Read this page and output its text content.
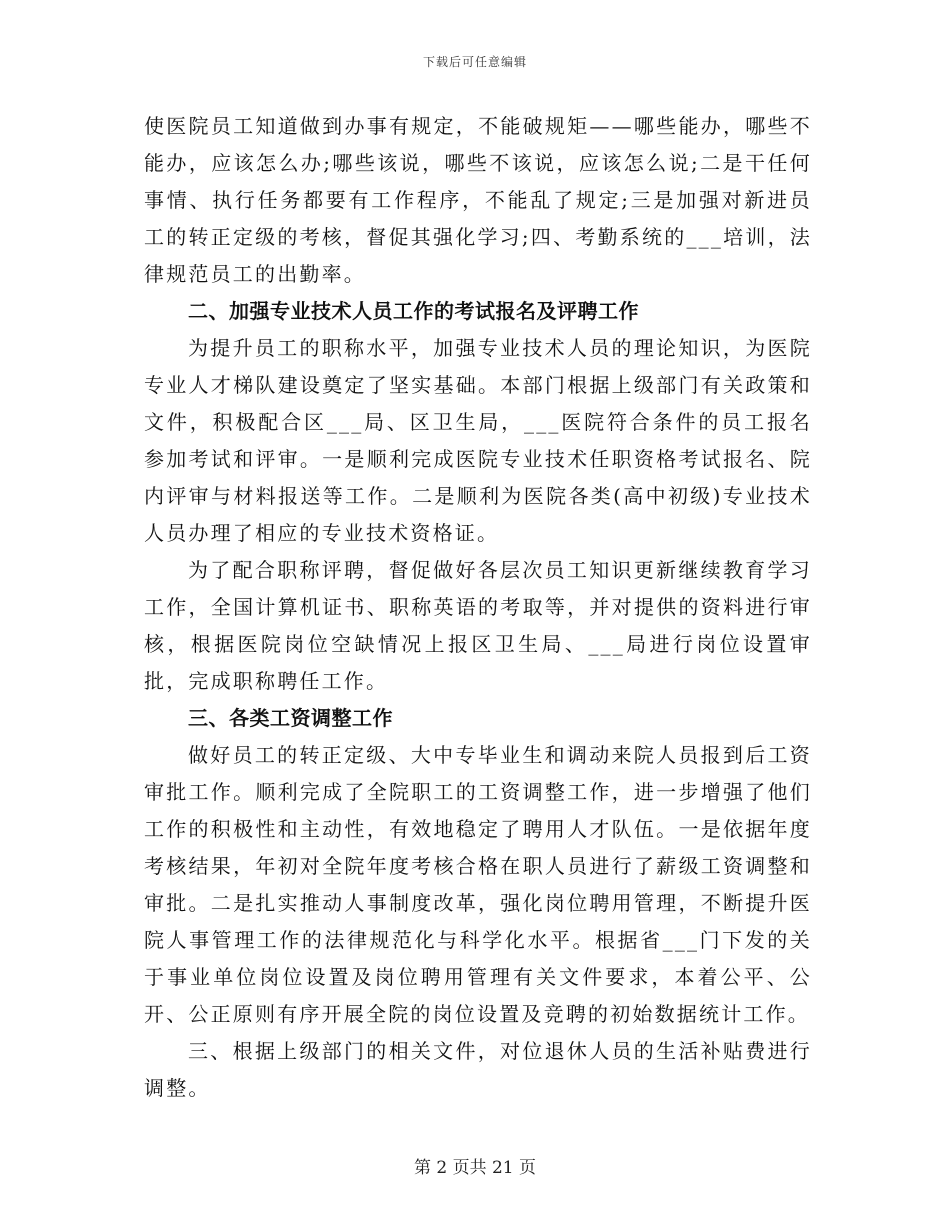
下载后可任意编辑

使医院员工知道做到办事有规定，不能破规矩——哪些能办，哪些不能办，应该怎么办;哪些该说，哪些不该说，应该怎么说;二是干任何事情、执行任务都要有工作程序，不能乱了规定;三是加强对新进员工的转正定级的考核，督促其强化学习;四、考勤系统的___培训，法律规范员工的出勤率。

二、加强专业技术人员工作的考试报名及评聘工作

为提升员工的职称水平，加强专业技术人员的理论知识，为医院专业人才梯队建设奠定了坚实基础。本部门根据上级部门有关政策和文件，积极配合区___局、区卫生局，___医院符合条件的员工报名参加考试和评审。一是顺利完成医院专业技术任职资格考试报名、院内评审与材料报送等工作。二是顺利为医院各类(高中初级)专业技术人员办理了相应的专业技术资格证。

为了配合职称评聘，督促做好各层次员工知识更新继续教育学习工作，全国计算机证书、职称英语的考取等，并对提供的资料进行审核，根据医院岗位空缺情况上报区卫生局、___局进行岗位设置审批，完成职称聘任工作。

三、各类工资调整工作

做好员工的转正定级、大中专毕业生和调动来院人员报到后工资审批工作。顺利完成了全院职工的工资调整工作，进一步增强了他们工作的积极性和主动性，有效地稳定了聘用人才队伍。一是依据年度考核结果，年初对全院年度考核合格在职人员进行了薪级工资调整和审批。二是扎实推动人事制度改革，强化岗位聘用管理，不断提升医院人事管理工作的法律规范化与科学化水平。根据省___门下发的关于事业单位岗位设置及岗位聘用管理有关文件要求，本着公平、公开、公正原则有序开展全院的岗位设置及竞聘的初始数据统计工作。

三、根据上级部门的相关文件，对位退休人员的生活补贴费进行调整。

第 2 页共 21 页
